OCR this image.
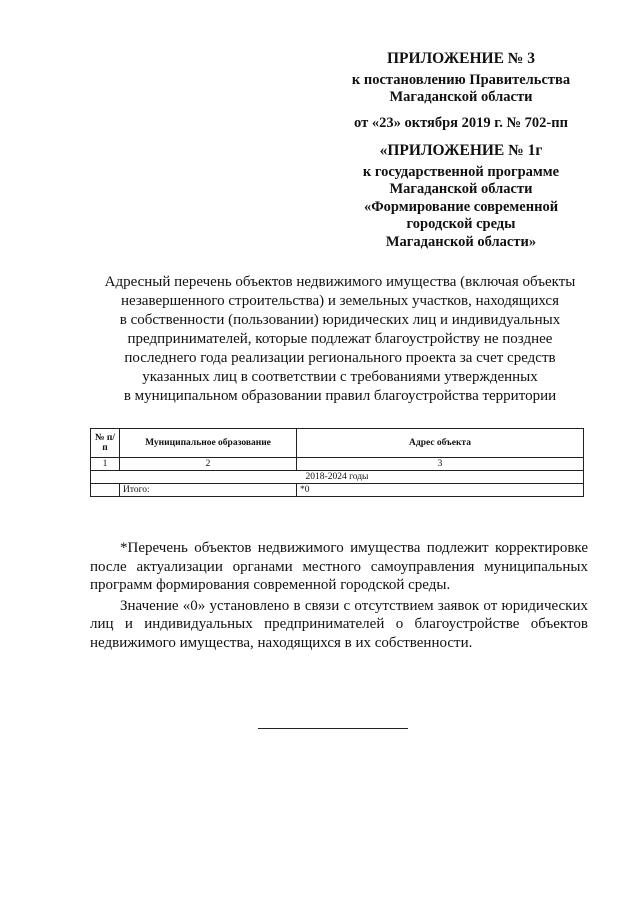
ПРИЛОЖЕНИЕ № 3
к постановлению Правительства
Магаданской области
от «23» октября 2019 г. № 702-пп
«ПРИЛОЖЕНИЕ № 1г
к государственной программе
Магаданской области
«Формирование современной
городской среды
Магаданской области»
Адресный перечень объектов недвижимого имущества (включая объекты
незавершенного строительства) и земельных участков, находящихся
в собственности (пользовании) юридических лиц и индивидуальных
предпринимателей, которые подлежат благоустройству не позднее
последнего года реализации регионального проекта за счет средств
указанных лиц в соответствии с требованиями утвержденных
в муниципальном образовании правил благоустройства территории
№ п/п	Муниципальное образование	Адрес объекта
1	2	3
2018-2024 годы		
	Итого:	*0

*Перечень объектов недвижимого имущества подлежит корректировке после актуализации органами местного самоуправления муниципальных программ формирования современной городской среды.

Значение «0» установлено в связи с отсутствием заявок от юридических лиц и индивидуальных предпринимателей о благоустройстве объектов недвижимого имущества, находящихся в их собственности.
